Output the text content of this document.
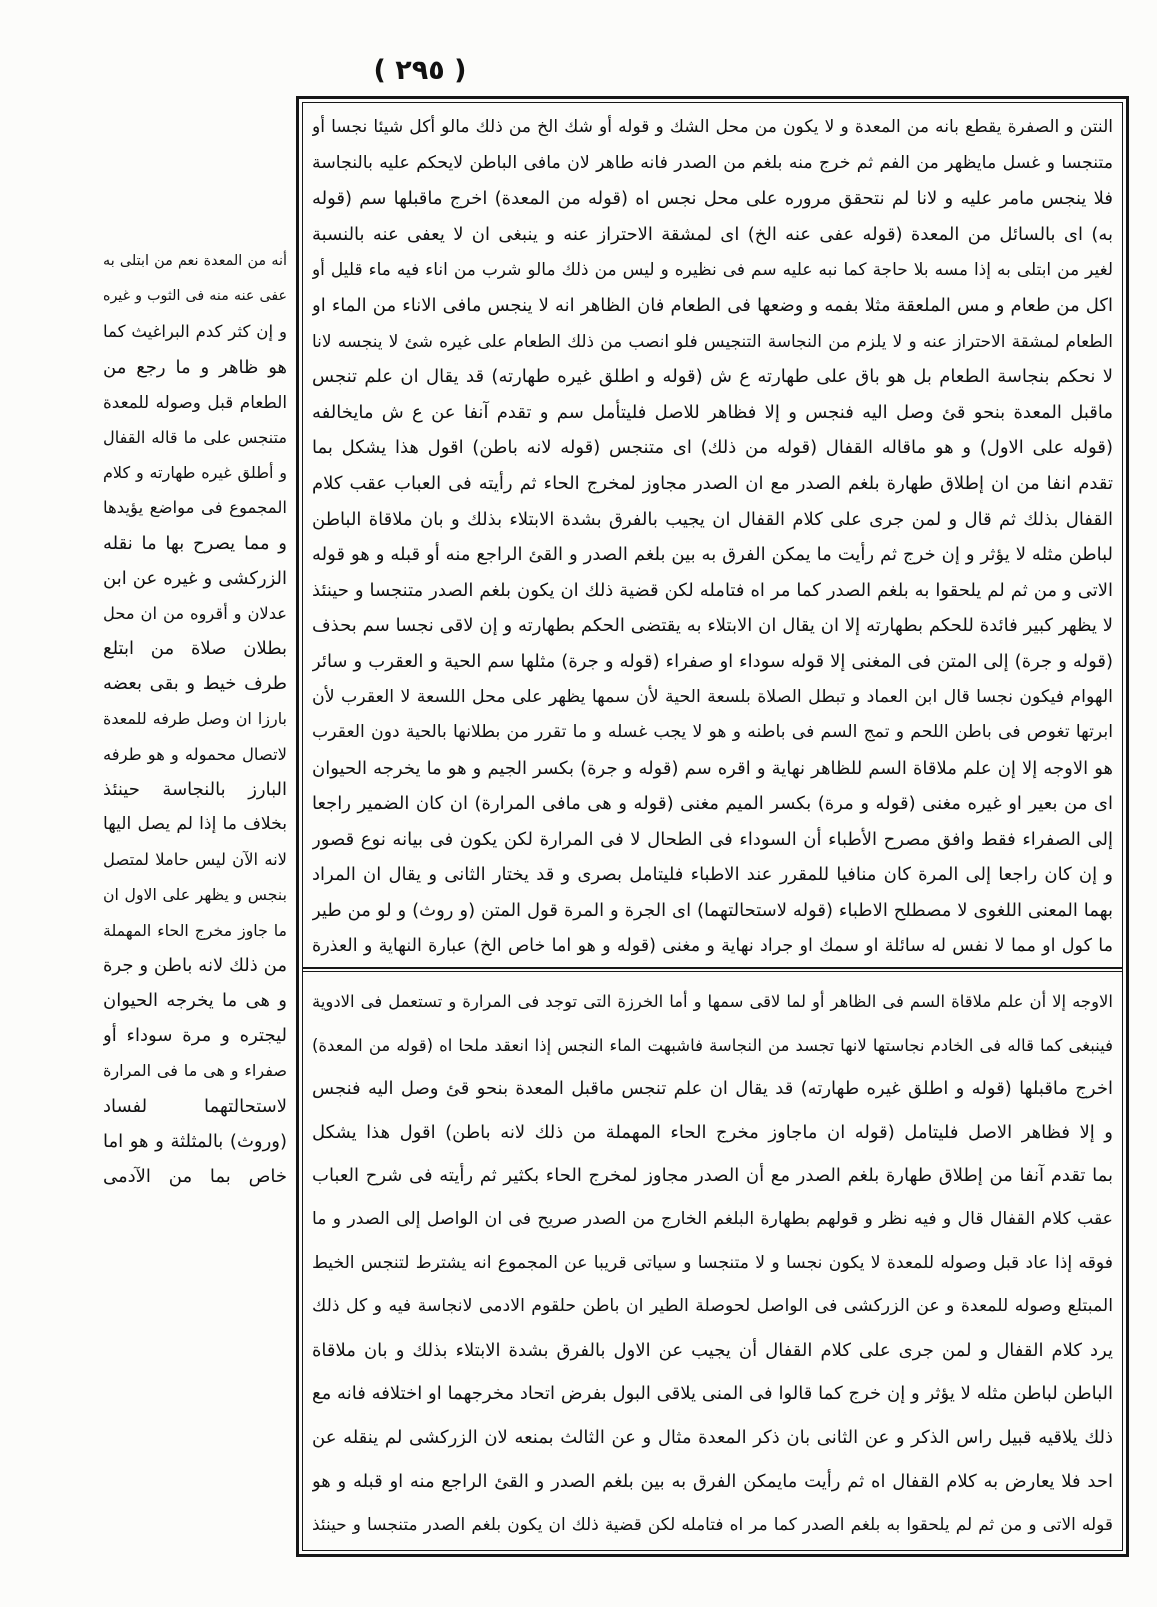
( ٢٩٥ )
أنه من المعدة نعم من ابتلى به
عفى عنه منه فى الثوب و غيره
و إن كثر كدم البراغيث كما
هو ظاهر و ما رجع من
الطعام قبل وصوله للمعدة
متنجس على ما قاله القفال
و أطلق غيره طهارته و كلام
المجموع فى مواضع يؤيدها
و مما يصرح بها ما نقله
الزركشى و غيره عن ابن
عدلان و أقروه من ان محل
بطلان صلاة من ابتلع
طرف خيط و بقى بعضه
بارزا ان وصل طرفه للمعدة
لاتصال محموله و هو طرفه
البارز بالنجاسة حينئذ
بخلاف ما إذا لم يصل اليها
لانه الآن ليس حاملا لمتصل
بنجس و يظهر على الاول ان
ما جاوز مخرج الحاء المهملة
من ذلك لانه باطن و جرة
و هى ما يخرجه الحيوان
ليجتره و مرة سوداء أو
صفراء و هى ما فى المرارة
لاستحالتهما لفساد
(وروث) بالمثلثة و هو اما
خاص بما من الآدمى
النتن و الصفرة يقطع بانه من المعدة و لا يكون من محل الشك و قوله أو شك الخ من ذلك مالو أكل شيئا نجسا أو
متنجسا و غسل مايظهر من الفم ثم خرج منه بلغم من الصدر فانه طاهر لان مافى الباطن لايحكم عليه بالنجاسة
فلا ينجس مامر عليه و لانا لم نتحقق مروره على محل نجس اه (قوله من المعدة) اخرج ماقبلها سم (قوله
به) اى بالسائل من المعدة (قوله عفى عنه الخ) اى لمشقة الاحتراز عنه و ينبغى ان لا يعفى عنه بالنسبة
لغير من ابتلى به إذا مسه بلا حاجة كما نبه عليه سم فى نظيره و ليس من ذلك مالو شرب من اناء فيه ماء قليل أو
اكل من طعام و مس الملعقة مثلا بفمه و وضعها فى الطعام فان الظاهر انه لا ينجس مافى الاناء من الماء او
الطعام لمشقة الاحتراز عنه و لا يلزم من النجاسة التنجيس فلو انصب من ذلك الطعام على غيره شئ لا ينجسه لانا
لا نحكم بنجاسة الطعام بل هو باق على طهارته ع ش (قوله و اطلق غيره طهارته) قد يقال ان علم تنجس
ماقبل المعدة بنحو قئ وصل اليه فنجس و إلا فظاهر للاصل فليتأمل سم و تقدم آنفا عن ع ش مايخالفه
(قوله على الاول) و هو ماقاله القفال (قوله من ذلك) اى متنجس (قوله لانه باطن) اقول هذا يشكل بما
تقدم انفا من ان إطلاق طهارة بلغم الصدر مع ان الصدر مجاوز لمخرج الحاء ثم رأيته فى العباب عقب كلام
القفال بذلك ثم قال و لمن جرى على كلام القفال ان يجيب بالفرق بشدة الابتلاء بذلك و بان ملاقاة الباطن
لباطن مثله لا يؤثر و إن خرج ثم رأيت ما يمكن الفرق به بين بلغم الصدر و القئ الراجع منه أو قبله و هو قوله
الاتى و من ثم لم يلحقوا به بلغم الصدر كما مر اه فتامله لكن قضية ذلك ان يكون بلغم الصدر متنجسا و حينئذ
لا يظهر كبير فائدة للحكم بطهارته إلا ان يقال ان الابتلاء به يقتضى الحكم بطهارته و إن لاقى نجسا سم بحذف
(قوله و جرة) إلى المتن فى المغنى إلا قوله سوداء او صفراء (قوله و جرة) مثلها سم الحية و العقرب و سائر
الهوام فيكون نجسا قال ابن العماد و تبطل الصلاة بلسعة الحية لأن سمها يظهر على محل اللسعة لا العقرب لأن
ابرتها تغوص فى باطن اللحم و تمج السم فى باطنه و هو لا يجب غسله و ما تقرر من بطلانها بالحية دون العقرب
هو الاوجه إلا إن علم ملاقاة السم للظاهر نهاية و اقره سم (قوله و جرة) بكسر الجيم و هو ما يخرجه الحيوان
اى من بعير او غيره مغنى (قوله و مرة) بكسر الميم مغنى (قوله و هى مافى المرارة) ان كان الضمير راجعا
إلى الصفراء فقط وافق مصرح الأطباء أن السوداء فى الطحال لا فى المرارة لكن يكون فى بيانه نوع قصور
و إن كان راجعا إلى المرة كان منافيا للمقرر عند الاطباء فليتامل بصرى و قد يختار الثانى و يقال ان المراد
بهما المعنى اللغوى لا مصطلح الاطباء (قوله لاستحالتهما) اى الجرة و المرة قول المتن (و روث) و لو من طير
ما كول او مما لا نفس له سائلة او سمك او جراد نهاية و مغنى (قوله و هو اما خاص الخ) عبارة النهاية و العذرة
الاوجه إلا أن علم ملاقاة السم فى الظاهر أو لما لاقى سمها و أما الخرزة التى توجد فى المرارة و تستعمل فى الادوية
فينبغى كما قاله فى الخادم نجاستها لانها تجسد من النجاسة فاشبهت الماء النجس إذا انعقد ملحا اه (قوله من المعدة)
اخرج ماقبلها (قوله و اطلق غيره طهارته) قد يقال ان علم تنجس ماقبل المعدة بنحو قئ وصل اليه فنجس
و إلا فظاهر الاصل فليتامل (قوله ان ماجاوز مخرج الحاء المهملة من ذلك لانه باطن) اقول هذا يشكل
بما تقدم آنفا من إطلاق طهارة بلغم الصدر مع أن الصدر مجاوز لمخرج الحاء بكثير ثم رأيته فى شرح العباب
عقب كلام القفال قال و فيه نظر و قولهم بطهارة البلغم الخارج من الصدر صريح فى ان الواصل إلى الصدر و ما
فوقه إذا عاد قبل وصوله للمعدة لا يكون نجسا و لا متنجسا و سياتى قريبا عن المجموع انه يشترط لتنجس الخيط
المبتلع وصوله للمعدة و عن الزركشى فى الواصل لحوصلة الطير ان باطن حلقوم الادمى لانجاسة فيه و كل ذلك
يرد كلام القفال و لمن جرى على كلام القفال أن يجيب عن الاول بالفرق بشدة الابتلاء بذلك و بان ملاقاة
الباطن لباطن مثله لا يؤثر و إن خرج كما قالوا فى المنى يلاقى البول بفرض اتحاد مخرجهما او اختلافه فانه مع
ذلك يلاقيه قبيل راس الذكر و عن الثانى بان ذكر المعدة مثال و عن الثالث بمنعه لان الزركشى لم ينقله عن
احد فلا يعارض به كلام القفال اه ثم رأيت مايمكن الفرق به بين بلغم الصدر و القئ الراجع منه او قبله و هو
قوله الاتى و من ثم لم يلحقوا به بلغم الصدر كما مر اه فتامله لكن قضية ذلك ان يكون بلغم الصدر متنجسا و حينئذ
